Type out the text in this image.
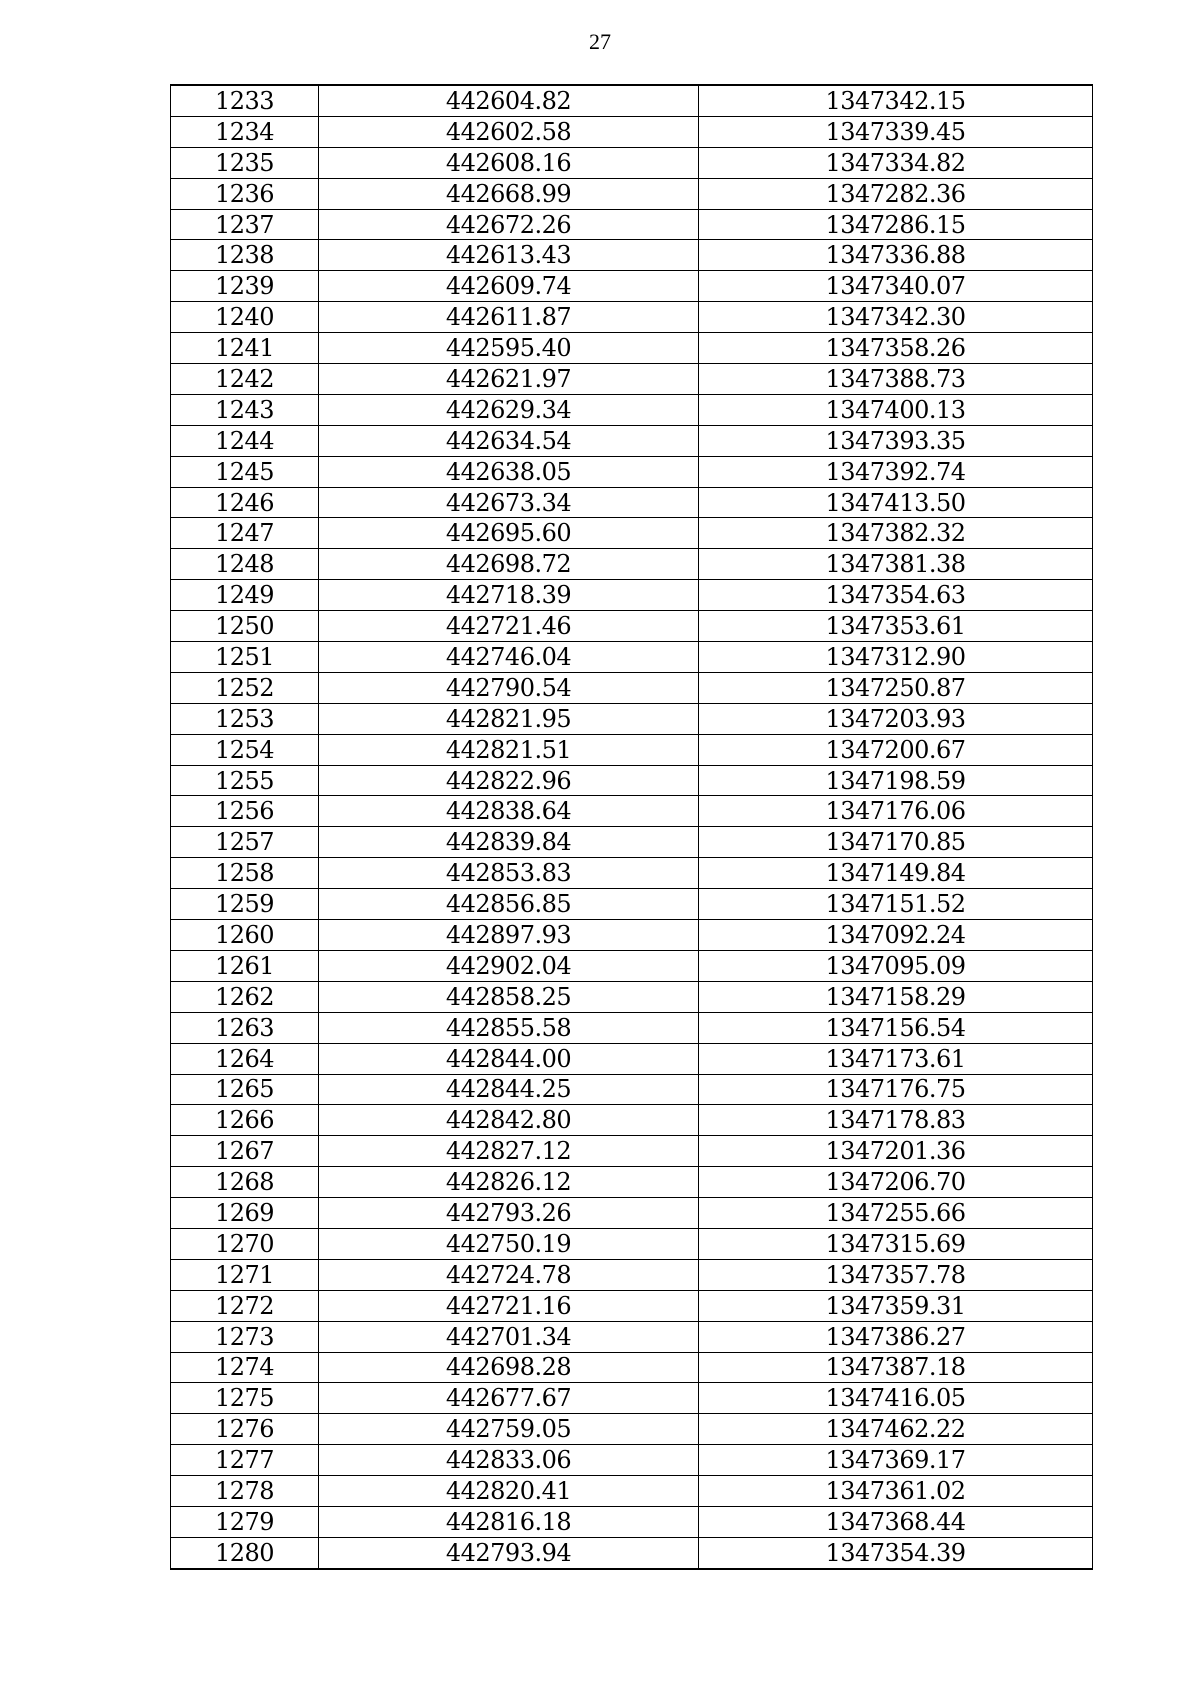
27
1233	442604.82	1347342.15
1234	442602.58	1347339.45
1235	442608.16	1347334.82
1236	442668.99	1347282.36
1237	442672.26	1347286.15
1238	442613.43	1347336.88
1239	442609.74	1347340.07
1240	442611.87	1347342.30
1241	442595.40	1347358.26
1242	442621.97	1347388.73
1243	442629.34	1347400.13
1244	442634.54	1347393.35
1245	442638.05	1347392.74
1246	442673.34	1347413.50
1247	442695.60	1347382.32
1248	442698.72	1347381.38
1249	442718.39	1347354.63
1250	442721.46	1347353.61
1251	442746.04	1347312.90
1252	442790.54	1347250.87
1253	442821.95	1347203.93
1254	442821.51	1347200.67
1255	442822.96	1347198.59
1256	442838.64	1347176.06
1257	442839.84	1347170.85
1258	442853.83	1347149.84
1259	442856.85	1347151.52
1260	442897.93	1347092.24
1261	442902.04	1347095.09
1262	442858.25	1347158.29
1263	442855.58	1347156.54
1264	442844.00	1347173.61
1265	442844.25	1347176.75
1266	442842.80	1347178.83
1267	442827.12	1347201.36
1268	442826.12	1347206.70
1269	442793.26	1347255.66
1270	442750.19	1347315.69
1271	442724.78	1347357.78
1272	442721.16	1347359.31
1273	442701.34	1347386.27
1274	442698.28	1347387.18
1275	442677.67	1347416.05
1276	442759.05	1347462.22
1277	442833.06	1347369.17
1278	442820.41	1347361.02
1279	442816.18	1347368.44
1280	442793.94	1347354.39
